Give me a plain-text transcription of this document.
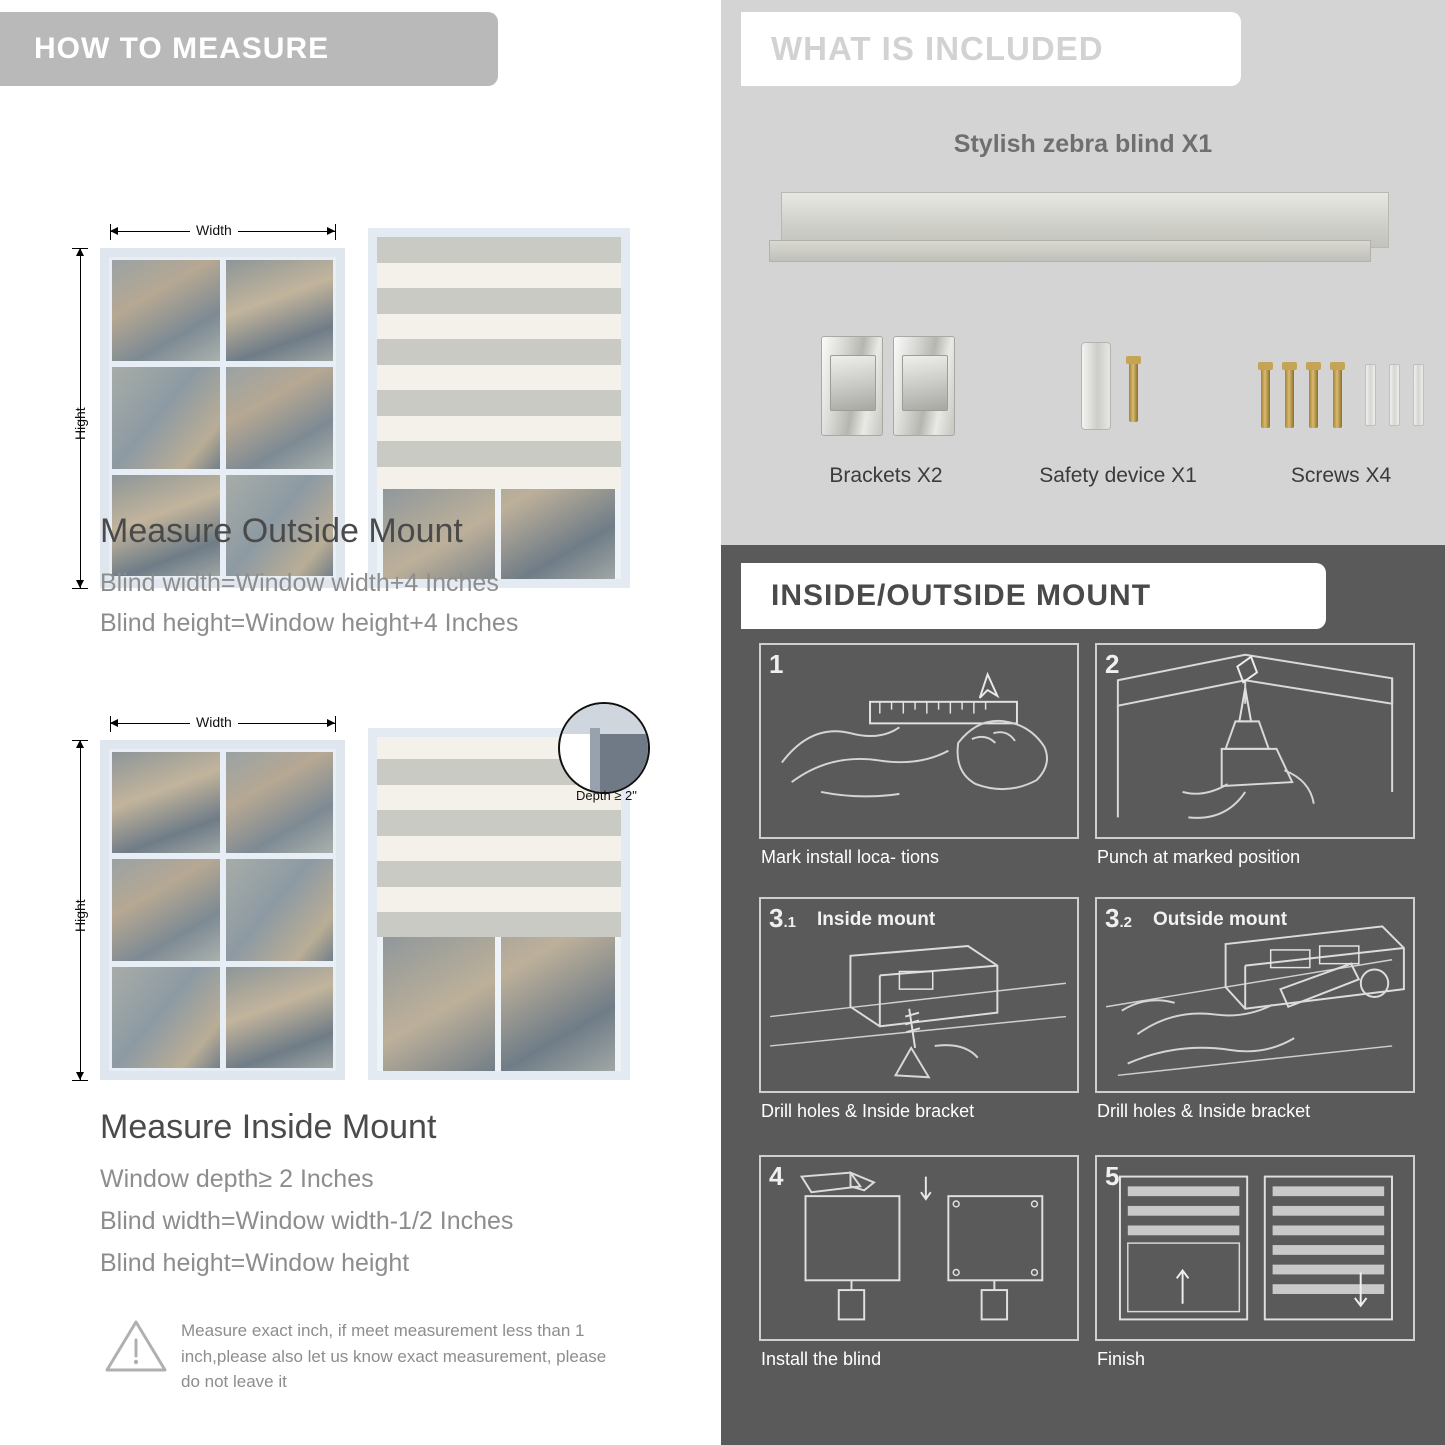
HOW TO MEASURE
Width
Hight
Measure Outside Mount
Blind width=Window width+4 Inches
Blind height=Window height+4 Inches
Width
Hight
Depth ≥ 2"
Measure Inside Mount
Window depth≥ 2 Inches
Blind width=Window width-1/2 Inches
Blind height=Window height
Measure exact inch, if meet measurement less than 1 inch,please also let us know exact measurement, please do not leave it
WHAT IS INCLUDED
Stylish zebra blind X1
Brackets X2	Safety device X1	Screws X4
INSIDE/OUTSIDE MOUNT
1
Mark install loca- tions
2
Punch at marked position
3.1 Inside mount
Drill holes & Inside bracket
3.2 Outside mount
Drill holes & Inside bracket
4
Install the blind
5
Finish
